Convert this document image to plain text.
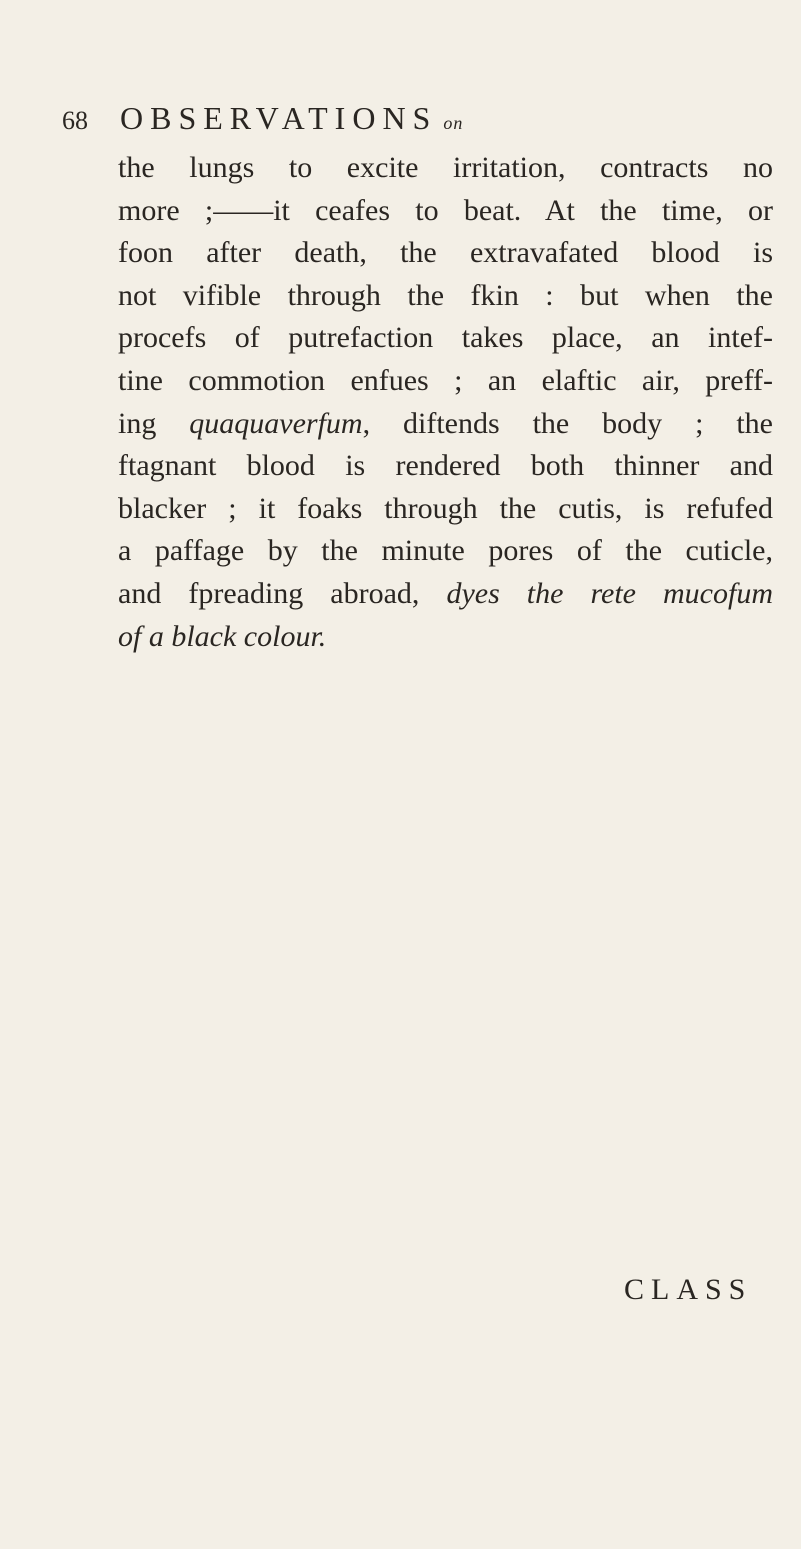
68 OBSERVATIONS on
the lungs to excite irritation, contracts no
more ;——it ceafes to beat. At the time, or
foon after death, the extravafated blood is
not vifible through the fkin : but when the
procefs of putrefaction takes place, an intef-
tine commotion enfues ; an elaftic air, preff-
ing quaquaverfum, diftends the body ; the
ftagnant blood is rendered both thinner and
blacker ; it foaks through the cutis, is refufed
a paffage by the minute pores of the cuticle,
and fpreading abroad, dyes the rete mucofum
of a black colour.
CLASS
